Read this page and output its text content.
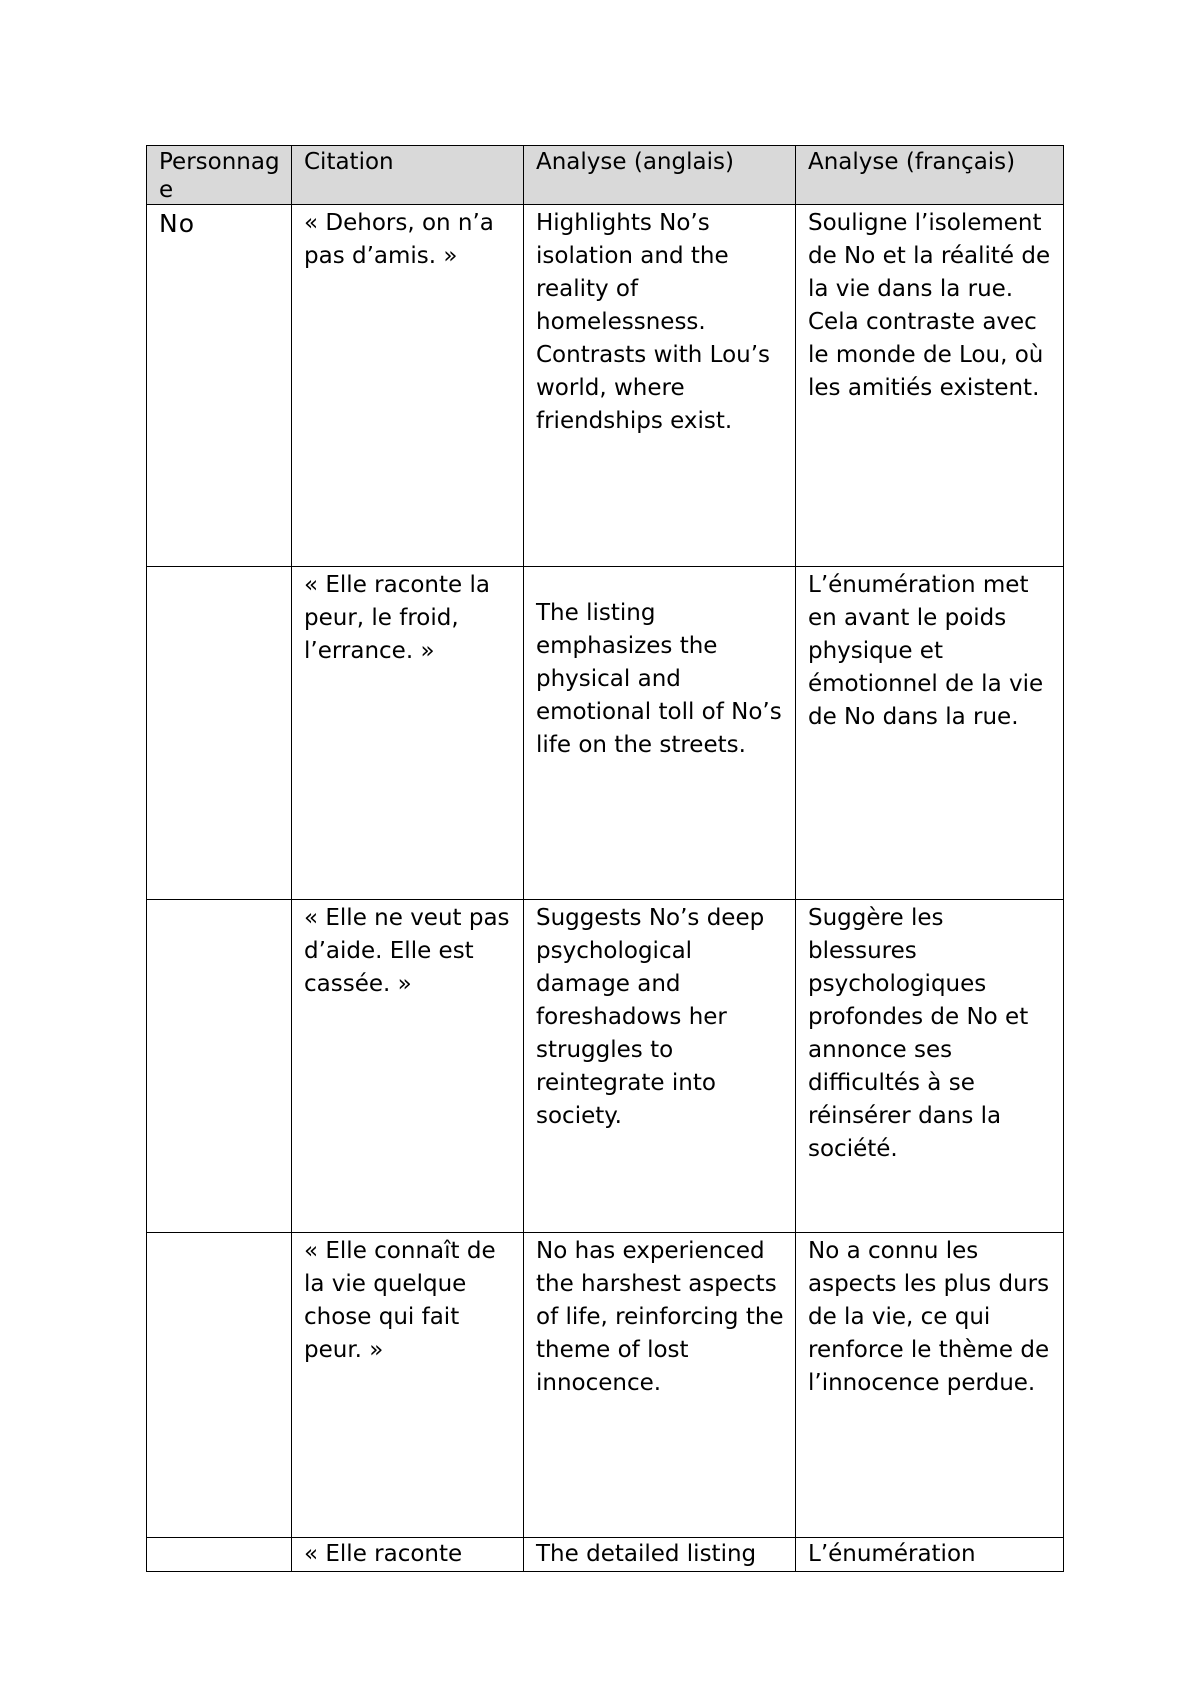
Personnage	Citation	Analyse (anglais)	Analyse (français)
No	« Dehors, on n’a pas d’amis. »	Highlights No’s isolation and the reality of homelessness. Contrasts with Lou’s world, where friendships exist.	Souligne l’isolement de No et la réalité de la vie dans la rue. Cela contraste avec le monde de Lou, où les amitiés existent.
	« Elle raconte la peur, le froid, l’errance. »	The listing emphasizes the physical and emotional toll of No’s life on the streets.	L’énumération met en avant le poids physique et émotionnel de la vie de No dans la rue.
	« Elle ne veut pas d’aide. Elle est cassée. »	Suggests No’s deep psychological damage and foreshadows her struggles to reintegrate into society.	Suggère les blessures psychologiques profondes de No et annonce ses difficultés à se réinsérer dans la société.
	« Elle connaît de la vie quelque chose qui fait peur. »	No has experienced the harshest aspects of life, reinforcing the theme of lost innocence.	No a connu les aspects les plus durs de la vie, ce qui renforce le thème de l’innocence perdue.
	« Elle raconte	The detailed listing	L’énumération
